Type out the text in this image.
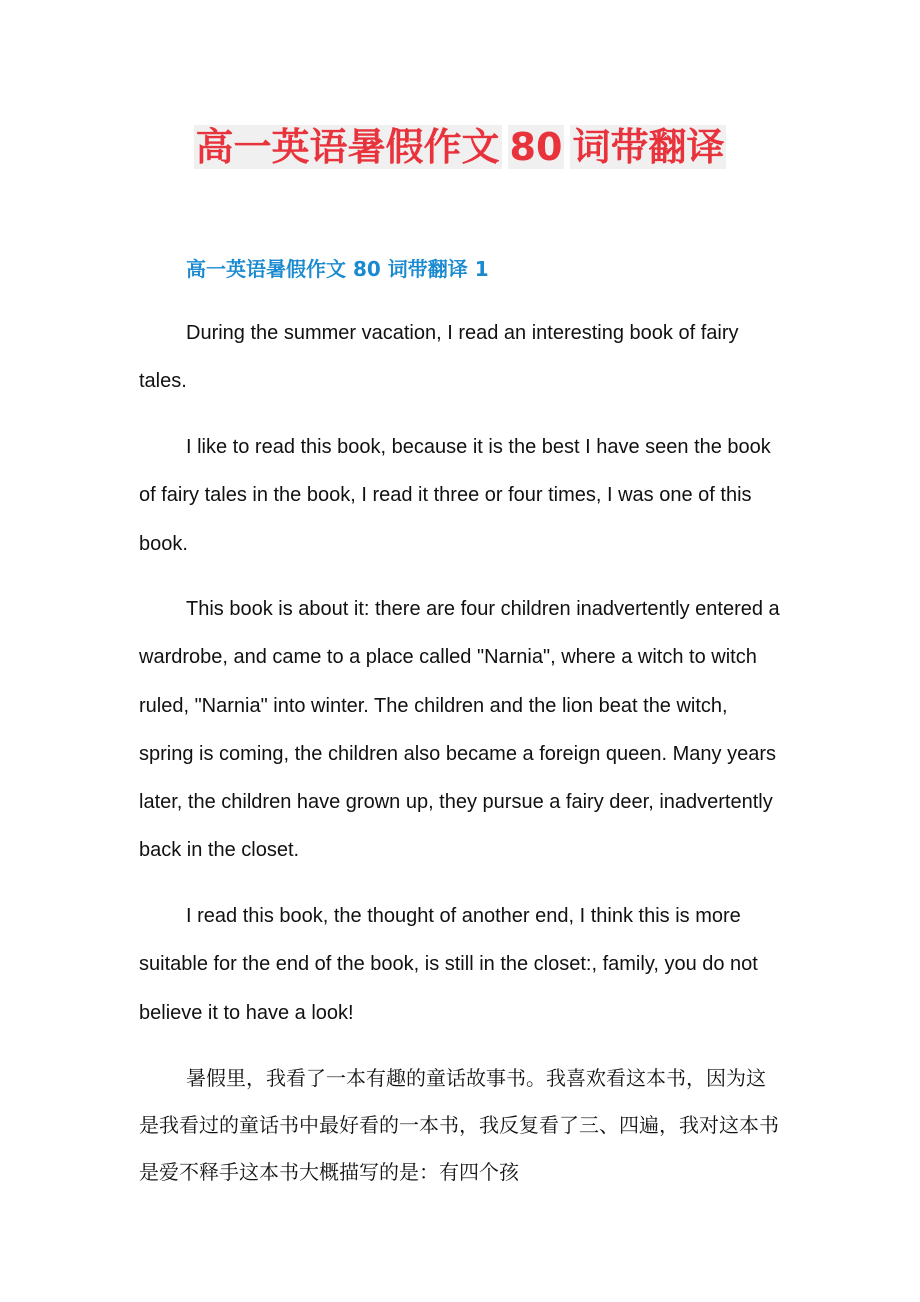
高一英语暑假作文 80 词带翻译
高一英语暑假作文 80 词带翻译 1

During the summer vacation, I read an interesting book of fairy tales.

I like to read this book, because it is the best I have seen the book of fairy tales in the book, I read it three or four times, I was one of this book.

This book is about it: there are four children inadvertently entered a wardrobe, and came to a place called "Narnia", where a witch to witch ruled, "Narnia" into winter. The children and the lion beat the witch, spring is coming, the children also became a foreign queen. Many years later, the children have grown up, they pursue a fairy deer, inadvertently back in the closet.

I read this book, the thought of another end, I think this is more suitable for the end of the book, is still in the closet:, family, you do not believe it to have a look!

暑假里，我看了一本有趣的童话故事书。我喜欢看这本书，因为这是我看过的童话书中最好看的一本书，我反复看了三、四遍，我对这本书是爱不释手这本书大概描写的是：有四个孩
